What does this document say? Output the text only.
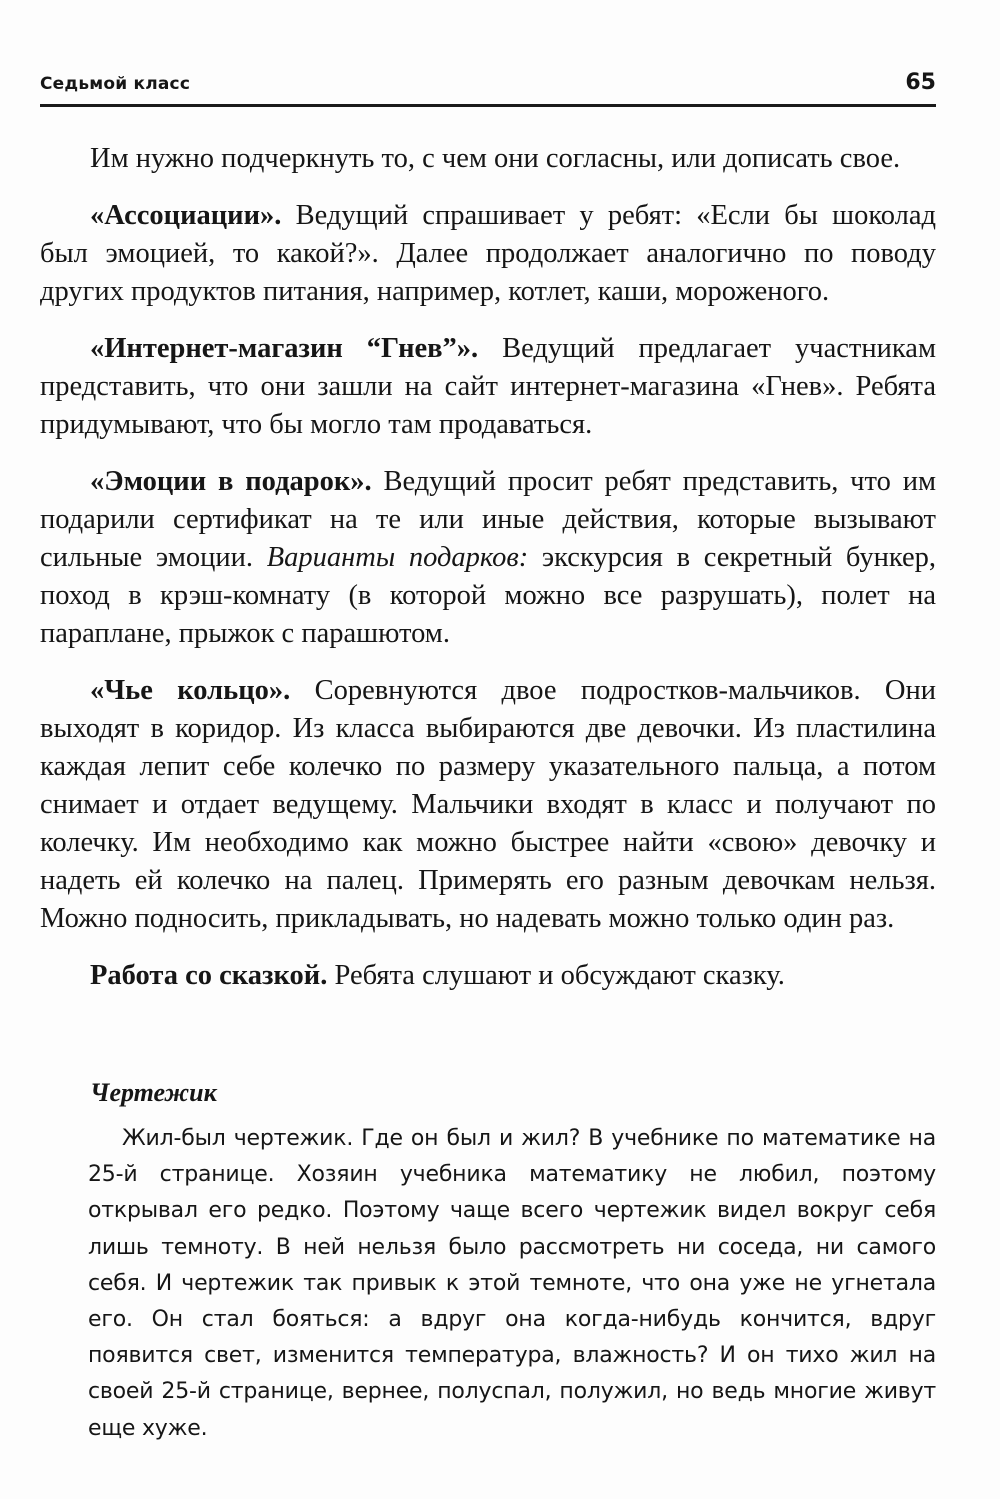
Седьмой класс	65

Им нужно подчеркнуть то, с чем они согласны, или дописать свое.

«Ассоциации». Ведущий спрашивает у ребят: «Если бы шоколад был эмоцией, то какой?». Далее продолжает аналогично по поводу других продуктов питания, например, котлет, каши, мороженого.

«Интернет-магазин “Гнев”». Ведущий предлагает участникам представить, что они зашли на сайт интернет-магазина «Гнев». Ребята придумывают, что бы могло там продаваться.

«Эмоции в подарок». Ведущий просит ребят представить, что им подарили сертификат на те или иные действия, которые вызывают сильные эмоции. Варианты подарков: экскурсия в секретный бункер, поход в крэш-комнату (в которой можно все разрушать), полет на параплане, прыжок с парашютом.

«Чье кольцо». Соревнуются двое подростков-мальчиков. Они выходят в коридор. Из класса выбираются две девочки. Из пластилина каждая лепит себе колечко по размеру указательного пальца, а потом снимает и отдает ведущему. Мальчики входят в класс и получают по колечку. Им необходимо как можно быстрее найти «свою» девочку и надеть ей колечко на палец. Примерять его разным девочкам нельзя. Можно подносить, прикладывать, но надевать можно только один раз.

Работа со сказкой. Ребята слушают и обсуждают сказку.

Чертежик

Жил-был чертежик. Где он был и жил? В учебнике по математике на 25-й странице. Хозяин учебника математику не любил, поэтому открывал его редко. Поэтому чаще всего чертежик видел вокруг себя лишь темноту. В ней нельзя было рассмотреть ни соседа, ни самого себя. И чертежик так привык к этой темноте, что она уже не угнетала его. Он стал бояться: а вдруг она когда-нибудь кончится, вдруг появится свет, изменится температура, влажность? И он тихо жил на своей 25-й странице, вернее, полуспал, полужил, но ведь многие живут еще хуже.
